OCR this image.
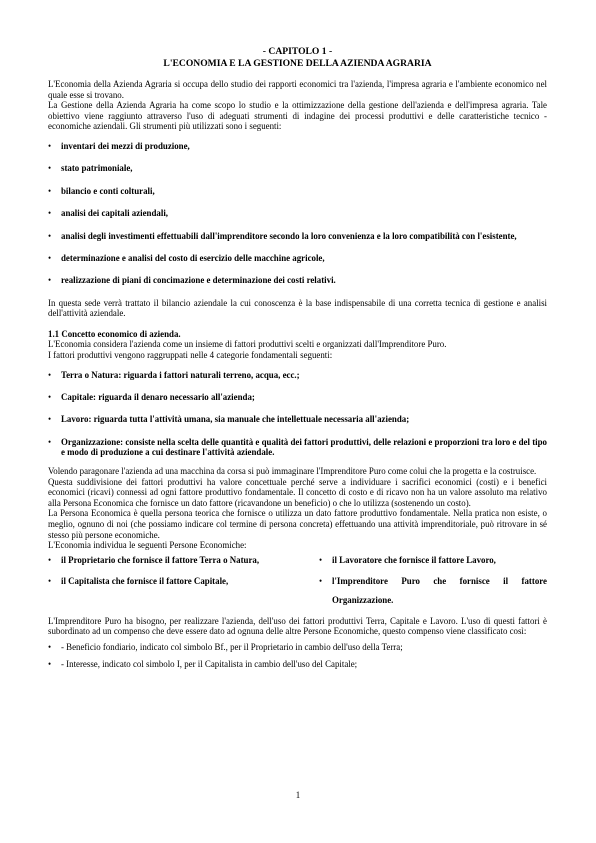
- CAPITOLO 1 -
L'ECONOMIA E LA GESTIONE DELLA AZIENDA AGRARIA

L'Economia della Azienda Agraria si occupa dello studio dei rapporti economici tra l'azienda, l'impresa agraria e l'ambiente economico nel quale esse si trovano.

La Gestione della Azienda Agraria ha come scopo lo studio e la ottimizzazione della gestione dell'azienda e dell'impresa agraria. Tale obiettivo viene raggiunto attraverso l'uso di adeguati strumenti di indagine dei processi produttivi e delle caratteristiche tecnico - economiche aziendali. Gli strumenti più utilizzati sono i seguenti:

• inventari dei mezzi di produzione,
• stato patrimoniale,
• bilancio e conti colturali,
• analisi dei capitali aziendali,
• analisi degli investimenti effettuabili dall'imprenditore secondo la loro convenienza e la loro compatibilità con l'esistente,
• determinazione e analisi del costo di esercizio delle macchine agricole,
• realizzazione di piani di concimazione e determinazione dei costi relativi.

In questa sede verrà trattato il bilancio aziendale la cui conoscenza è la base indispensabile di una corretta tecnica di gestione e analisi dell'attività aziendale.

1.1 Concetto economico di azienda.

L'Economia considera l'azienda come un insieme di fattori produttivi scelti e organizzati dall'Imprenditore Puro.

I fattori produttivi vengono raggruppati nelle 4 categorie fondamentali seguenti:

• Terra o Natura: riguarda i fattori naturali terreno, acqua, ecc.;
• Capitale: riguarda il denaro necessario all'azienda;
• Lavoro: riguarda tutta l'attività umana, sia manuale che intellettuale necessaria all'azienda;
• Organizzazione: consiste nella scelta delle quantità e qualità dei fattori produttivi, delle relazioni e proporzioni tra loro e del tipo e modo di produzione a cui destinare l'attività aziendale.

Volendo paragonare l'azienda ad una macchina da corsa si può immaginare l'Imprenditore Puro come colui che la progetta e la costruisce.

Questa suddivisione dei fattori produttivi ha valore concettuale perché serve a individuare i sacrifici economici (costi) e i benefici economici (ricavi) connessi ad ogni fattore produttivo fondamentale. Il concetto di costo e di ricavo non ha un valore assoluto ma relativo alla Persona Economica che fornisce un dato fattore (ricavandone un beneficio) o che lo utilizza (sostenendo un costo).

La Persona Economica è quella persona teorica che fornisce o utilizza un dato fattore produttivo fondamentale. Nella pratica non esiste, o meglio, ognuno di noi (che possiamo indicare col termine di persona concreta) effettuando una attività imprenditoriale, può ritrovare in sé stesso più persone economiche.

L'Economia individua le seguenti Persone Economiche:

• il Proprietario che fornisce il fattore Terra o Natura,
• il Capitalista che fornisce il fattore Capitale,
• il Lavoratore che fornisce il fattore Lavoro,
• l'Imprenditore Puro che fornisce il fattore Organizzazione.

L'Imprenditore Puro ha bisogno, per realizzare l'azienda, dell'uso dei fattori produttivi Terra, Capitale e Lavoro. L'uso di questi fattori è subordinato ad un compenso che deve essere dato ad ognuna delle altre Persone Economiche, questo compenso viene classificato così:

• - Beneficio fondiario, indicato col simbolo Bf., per il Proprietario in cambio dell'uso della Terra;
• - Interesse, indicato col simbolo I, per il Capitalista in cambio dell'uso del Capitale;
1
